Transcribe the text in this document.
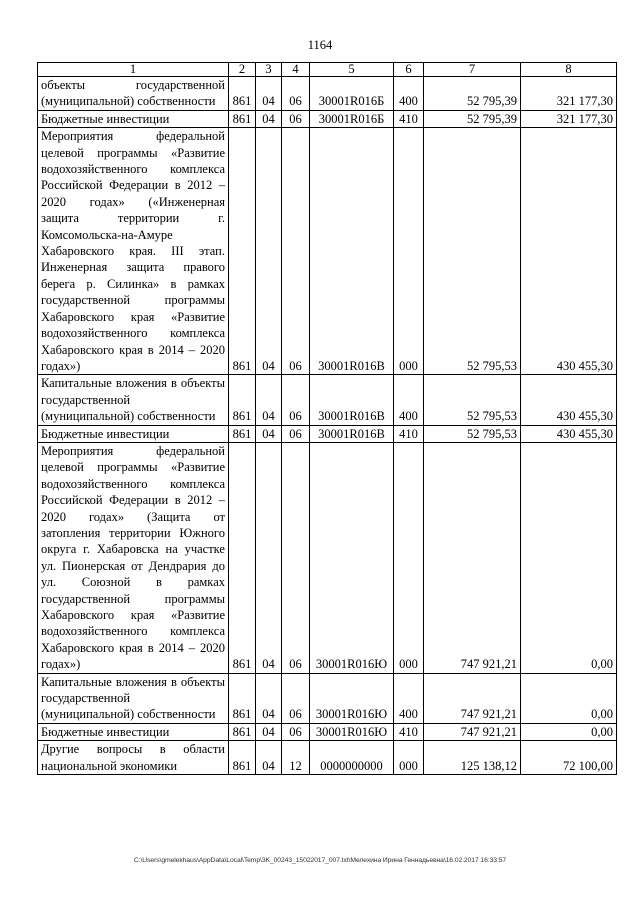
1164
1	2	3	4	5	6	7	8
объекты государственной (муниципальной) собственности	861	04	06	30001R016Б	400	52 795,39	321 177,30
Бюджетные инвестиции	861	04	06	30001R016Б	410	52 795,39	321 177,30
Мероприятия федеральной целевой программы «Развитие водохозяйственного комплекса Российской Федерации в 2012 – 2020 годах» («Инженерная защита территории г. Комсомольска-на-Амуре Хабаровского края. III этап. Инженерная защита правого берега р. Силинка» в рамках государственной программы Хабаровского края «Развитие водохозяйственного комплекса Хабаровского края в 2014 – 2020 годах»)	861	04	06	30001R016В	000	52 795,53	430 455,30
Капитальные вложения в объекты государственной (муниципальной) собственности	861	04	06	30001R016В	400	52 795,53	430 455,30
Бюджетные инвестиции	861	04	06	30001R016В	410	52 795,53	430 455,30
Мероприятия федеральной целевой программы «Развитие водохозяйственного комплекса Российской Федерации в 2012 – 2020 годах» (Защита от затопления территории Южного округа г. Хабаровска на участке ул. Пионерская от Дендрария до ул. Союзной в рамках государственной программы Хабаровского края «Развитие водохозяйственного комплекса Хабаровского края в 2014 – 2020 годах»)	861	04	06	30001R016Ю	000	747 921,21	0,00
Капитальные вложения в объекты государственной (муниципальной) собственности	861	04	06	30001R016Ю	400	747 921,21	0,00
Бюджетные инвестиции	861	04	06	30001R016Ю	410	747 921,21	0,00
Другие вопросы в области национальной экономики	861	04	12	0000000000	000	125 138,12	72 100,00
C:\Users\gmelekhaus\AppData\Local\Temp\3K_00243_15022017_007.txt\Мелехина Ирина Геннадьевна\16.02.2017 16:33:57
